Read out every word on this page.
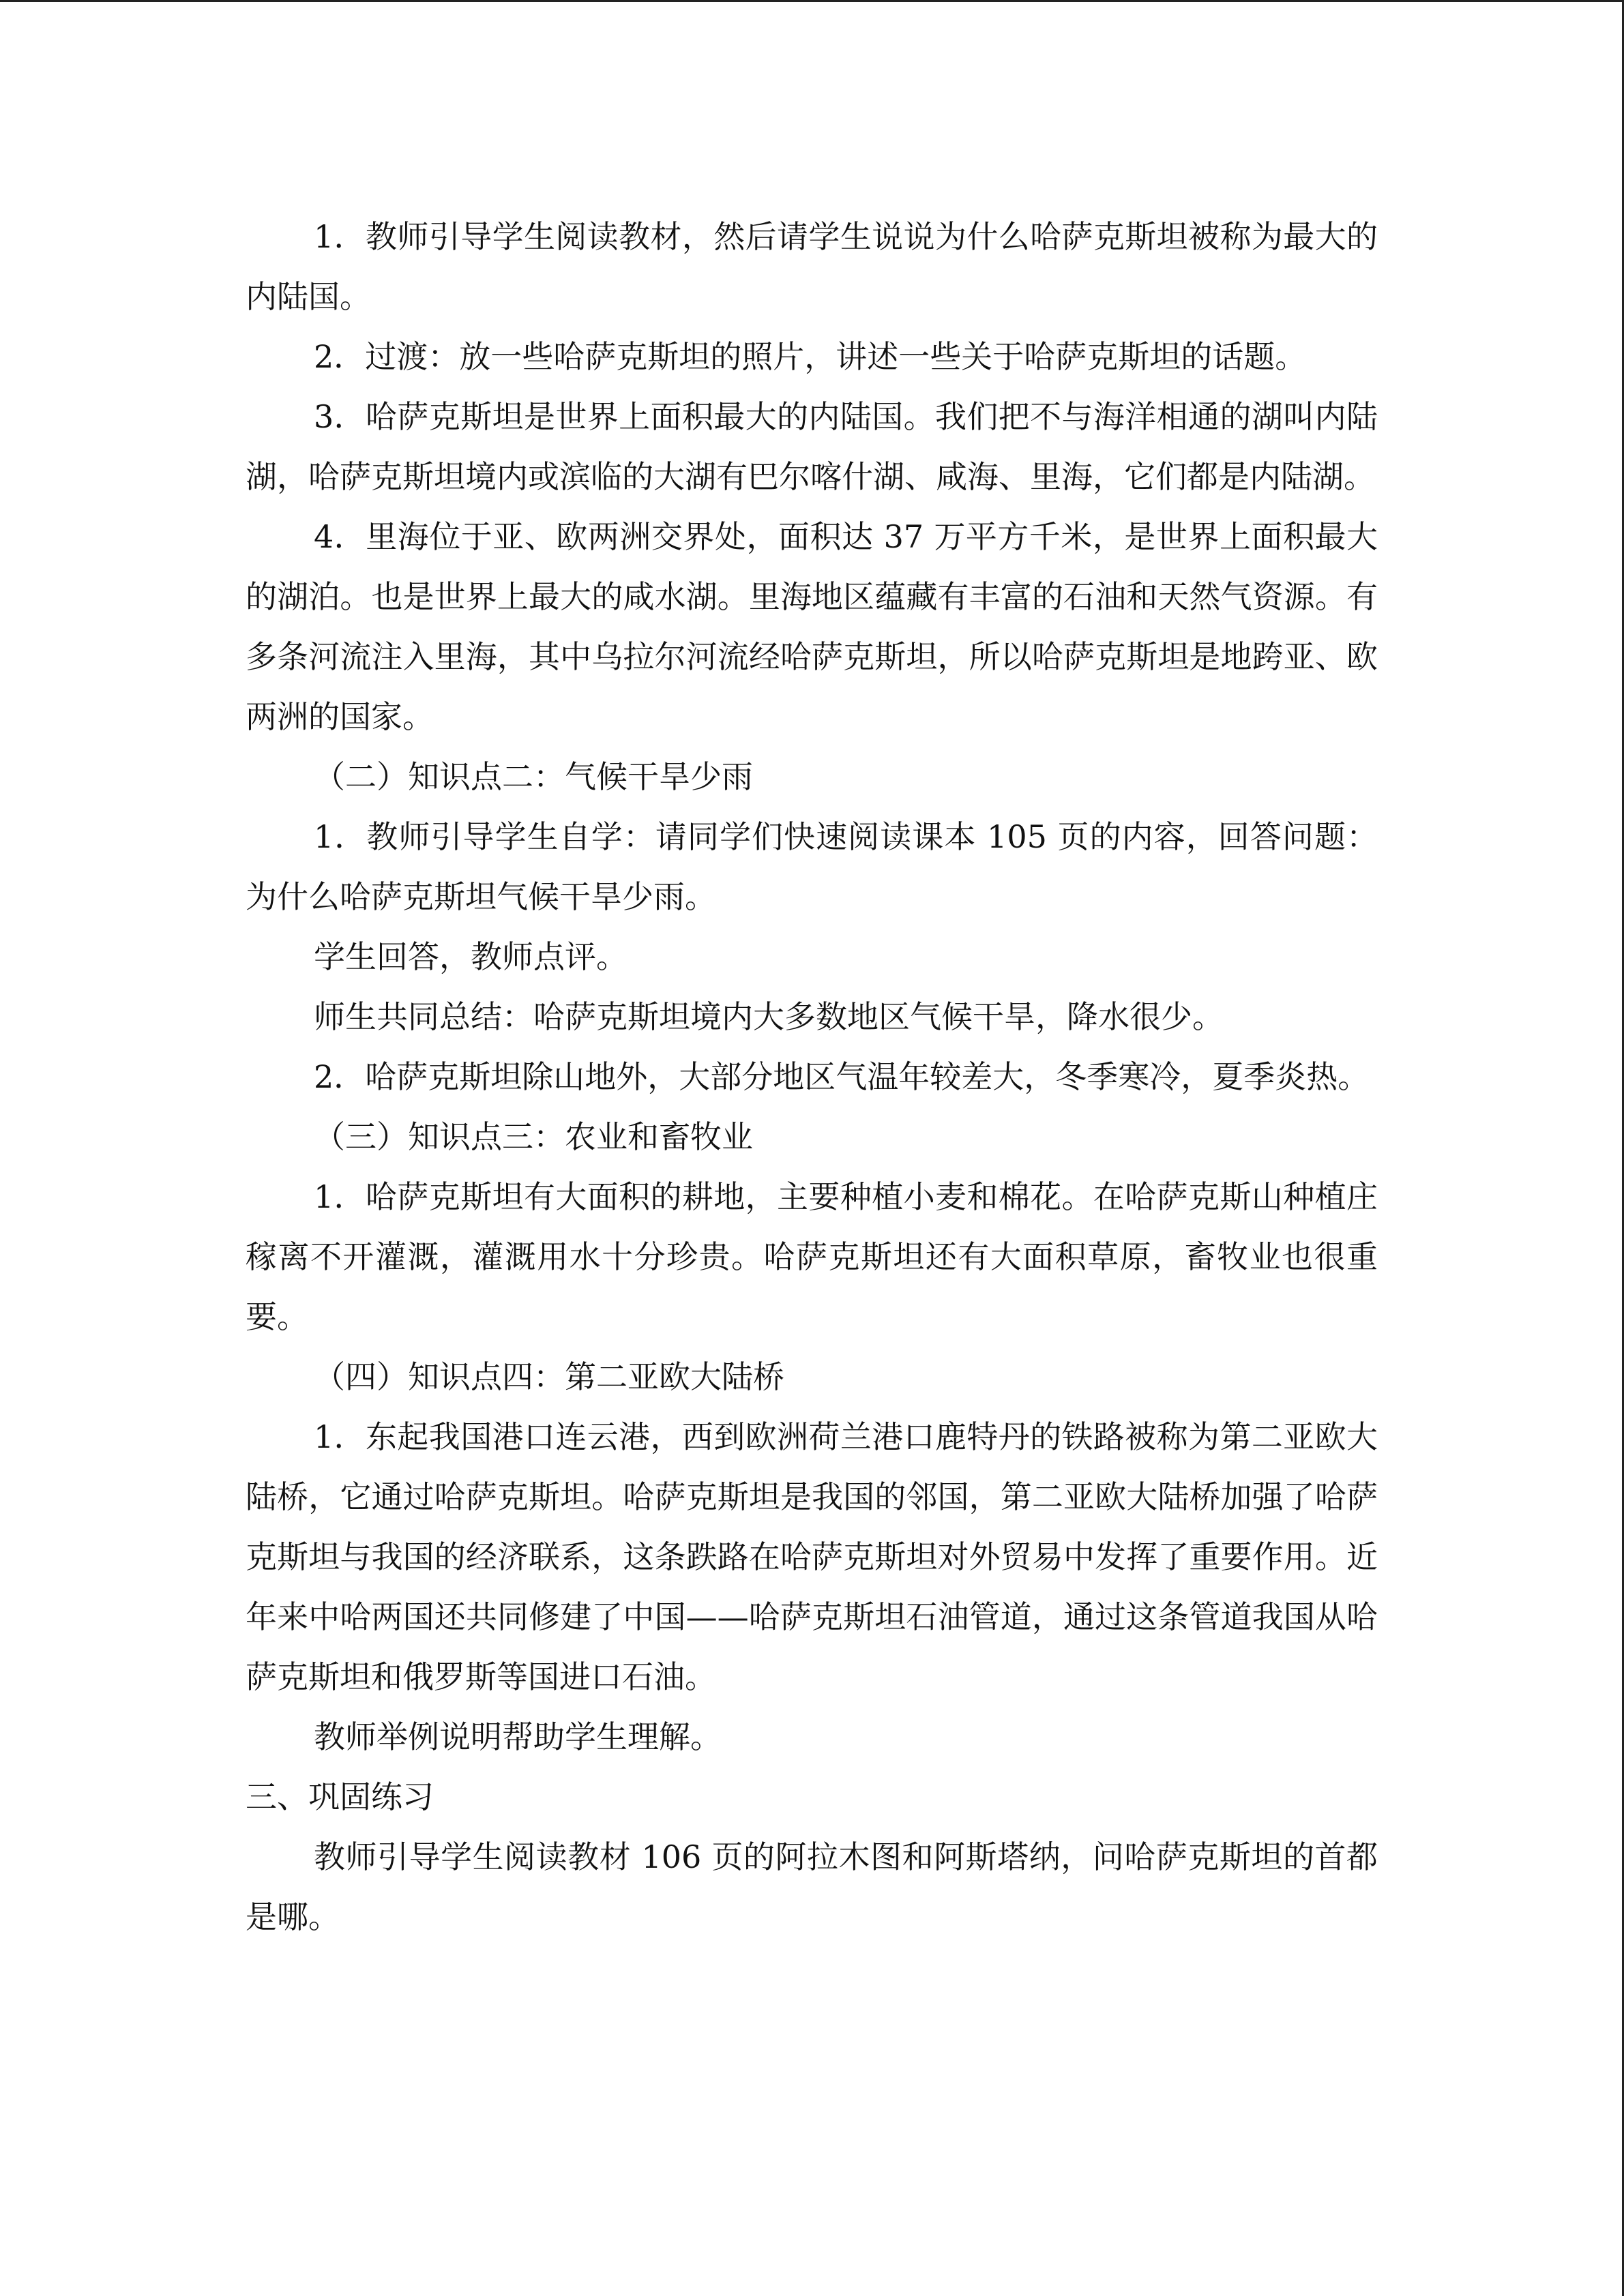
1．教师引导学生阅读教材，然后请学生说说为什么哈萨克斯坦被称为最大的内陆国。

2．过渡：放一些哈萨克斯坦的照片，讲述一些关于哈萨克斯坦的话题。

3．哈萨克斯坦是世界上面积最大的内陆国。我们把不与海洋相通的湖叫内陆湖，哈萨克斯坦境内或滨临的大湖有巴尔喀什湖、咸海、里海，它们都是内陆湖。

4．里海位于亚、欧两洲交界处，面积达 37 万平方千米，是世界上面积最大的湖泊。也是世界上最大的咸水湖。里海地区蕴藏有丰富的石油和天然气资源。有多条河流注入里海，其中乌拉尔河流经哈萨克斯坦，所以哈萨克斯坦是地跨亚、欧两洲的国家。

（二）知识点二：气候干旱少雨

1．教师引导学生自学：请同学们快速阅读课本 105 页的内容，回答问题：为什么哈萨克斯坦气候干旱少雨。

学生回答，教师点评。

师生共同总结：哈萨克斯坦境内大多数地区气候干旱，降水很少。

2．哈萨克斯坦除山地外，大部分地区气温年较差大，冬季寒冷，夏季炎热。

（三）知识点三：农业和畜牧业

1．哈萨克斯坦有大面积的耕地，主要种植小麦和棉花。在哈萨克斯山种植庄稼离不开灌溉，灌溉用水十分珍贵。哈萨克斯坦还有大面积草原，畜牧业也很重要。

（四）知识点四：第二亚欧大陆桥

1．东起我国港口连云港，西到欧洲荷兰港口鹿特丹的铁路被称为第二亚欧大陆桥，它通过哈萨克斯坦。哈萨克斯坦是我国的邻国，第二亚欧大陆桥加强了哈萨克斯坦与我国的经济联系，这条跌路在哈萨克斯坦对外贸易中发挥了重要作用。近年来中哈两国还共同修建了中国——哈萨克斯坦石油管道，通过这条管道我国从哈萨克斯坦和俄罗斯等国进口石油。

教师举例说明帮助学生理解。

三、巩固练习

教师引导学生阅读教材 106 页的阿拉木图和阿斯塔纳，问哈萨克斯坦的首都是哪。
